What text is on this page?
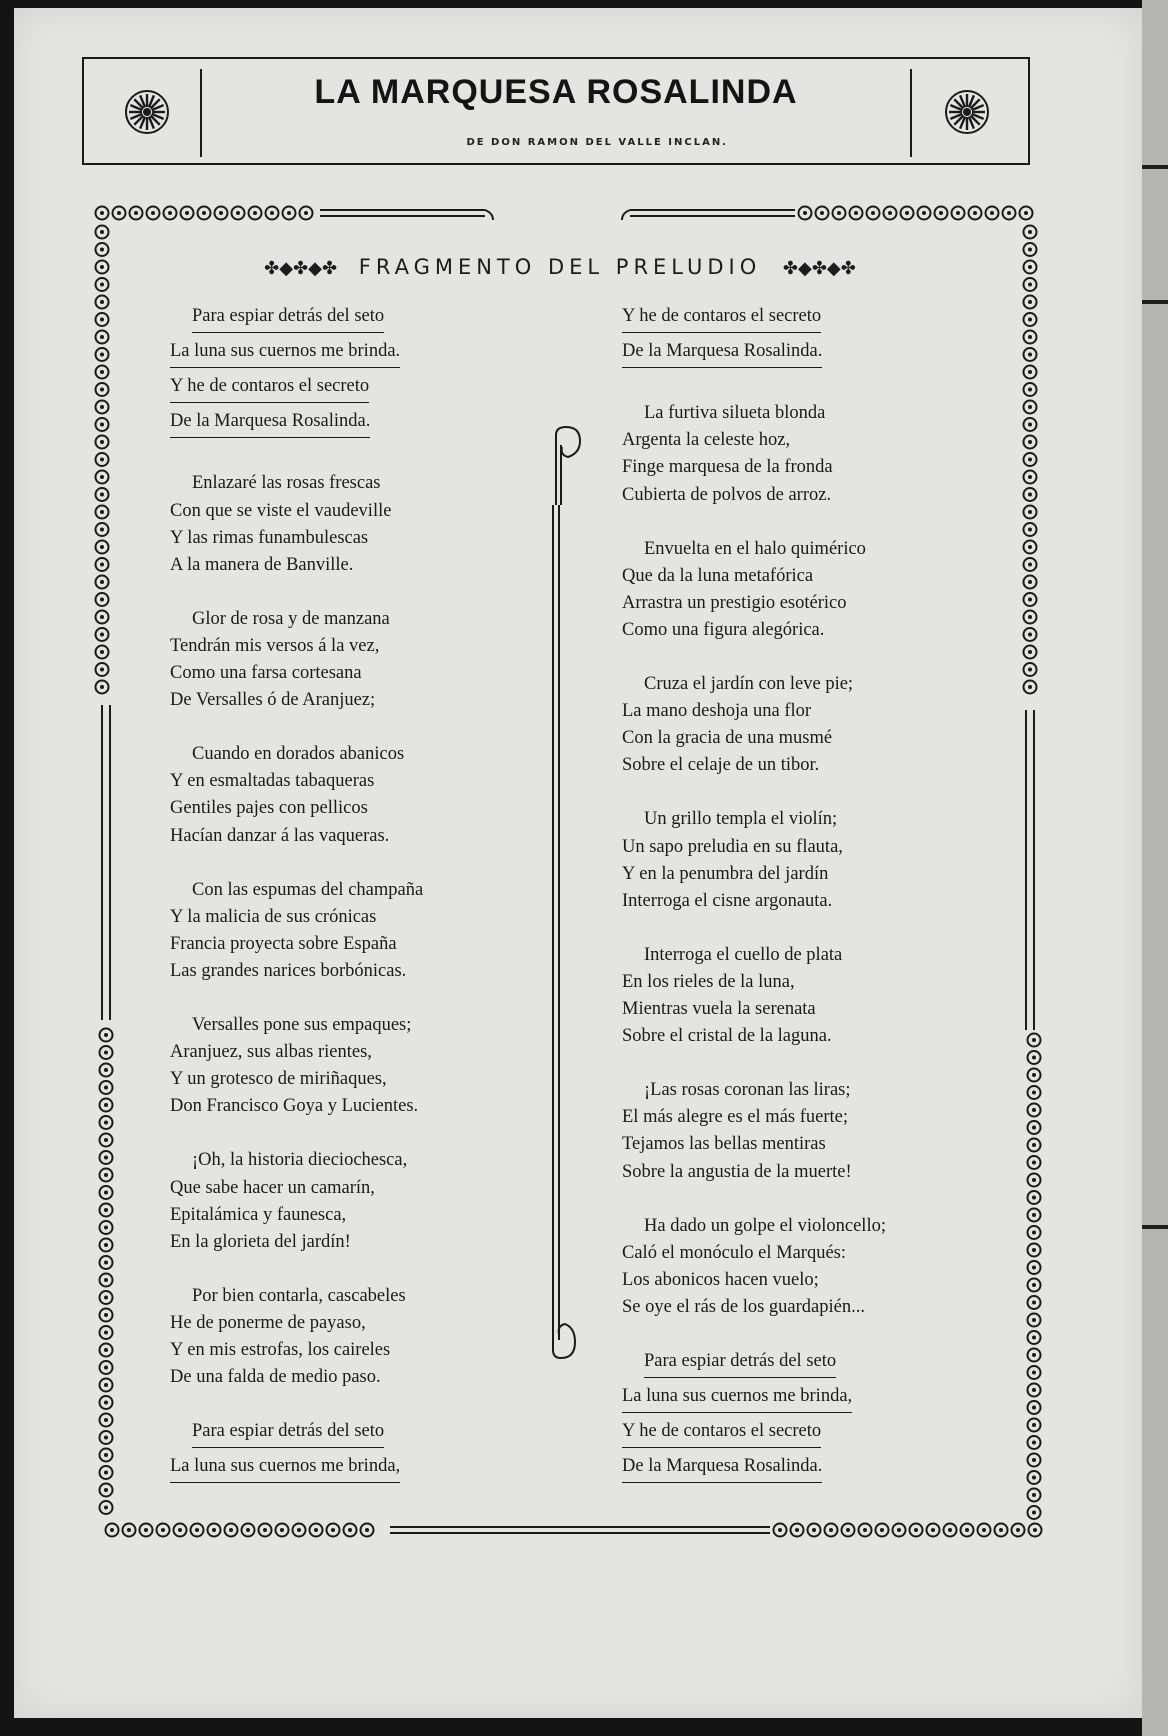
LA MARQUESA ROSALINDA
DE DON RAMON DEL VALLE INCLAN.
✤◆✤◆✤ FRAGMENTO DEL PRELUDIO ✤◆✤◆✤
Para espiar detrás del seto
La luna sus cuernos me brinda.
Y he de contaros el secreto
De la Marquesa Rosalinda.
Enlazaré las rosas frescas
Con que se viste el vaudeville
Y las rimas funambulescas
A la manera de Banville.
Glor de rosa y de manzana
Tendrán mis versos á la vez,
Como una farsa cortesana
De Versalles ó de Aranjuez;
Cuando en dorados abanicos
Y en esmaltadas tabaqueras
Gentiles pajes con pellicos
Hacían danzar á las vaqueras.
Con las espumas del champaña
Y la malicia de sus crónicas
Francia proyecta sobre España
Las grandes narices borbónicas.
Versalles pone sus empaques;
Aranjuez, sus albas rientes,
Y un grotesco de miriñaques,
Don Francisco Goya y Lucientes.
¡Oh, la historia dieciochesca,
Que sabe hacer un camarín,
Epitalámica y faunesca,
En la glorieta del jardín!
Por bien contarla, cascabeles
He de ponerme de payaso,
Y en mis estrofas, los caireles
De una falda de medio paso.
Para espiar detrás del seto
La luna sus cuernos me brinda,
Y he de contaros el secreto
De la Marquesa Rosalinda.
La furtiva silueta blonda
Argenta la celeste hoz,
Finge marquesa de la fronda
Cubierta de polvos de arroz.
Envuelta en el halo quimérico
Que da la luna metafórica
Arrastra un prestigio esotérico
Como una figura alegórica.
Cruza el jardín con leve pie;
La mano deshoja una flor
Con la gracia de una musmé
Sobre el celaje de un tibor.
Un grillo templa el violín;
Un sapo preludia en su flauta,
Y en la penumbra del jardín
Interroga el cisne argonauta.
Interroga el cuello de plata
En los rieles de la luna,
Mientras vuela la serenata
Sobre el cristal de la laguna.
¡Las rosas coronan las liras;
El más alegre es el más fuerte;
Tejamos las bellas mentiras
Sobre la angustia de la muerte!
Ha dado un golpe el violoncello;
Caló el monóculo el Marqués:
Los abonicos hacen vuelo;
Se oye el rás de los guardapién...
Para espiar detrás del seto
La luna sus cuernos me brinda,
Y he de contaros el secreto
De la Marquesa Rosalinda.
